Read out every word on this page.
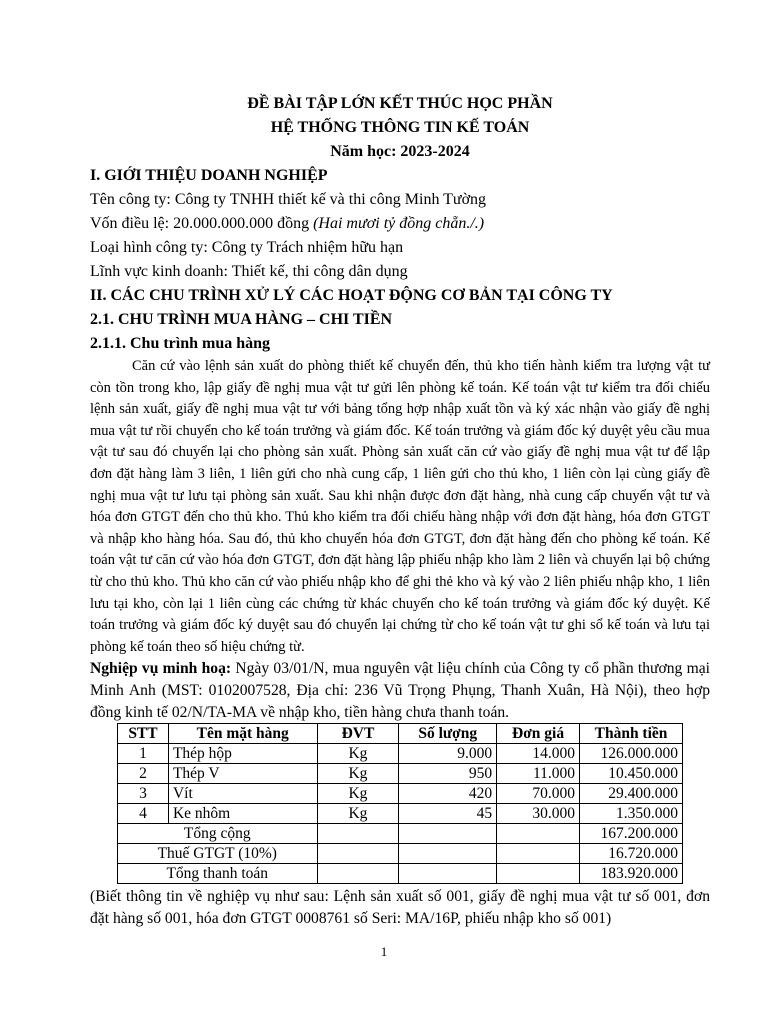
ĐỀ BÀI TẬP LỚN KẾT THÚC HỌC PHẦN
HỆ THỐNG THÔNG TIN KẾ TOÁN
Năm học: 2023-2024
I. GIỚI THIỆU DOANH NGHIỆP
Tên công ty: Công ty TNHH thiết kế và thi công Minh Tường
Vốn điều lệ: 20.000.000.000 đồng (Hai mươi tỷ đồng chẵn./.)
Loại hình công ty: Công ty Trách nhiệm hữu hạn
Lĩnh vực kinh doanh: Thiết kế, thi công dân dụng
II. CÁC CHU TRÌNH XỬ LÝ CÁC HOẠT ĐỘNG CƠ BẢN TẠI CÔNG TY
2.1. CHU TRÌNH MUA HÀNG – CHI TIỀN
2.1.1. Chu trình mua hàng

Căn cứ vào lệnh sản xuất do phòng thiết kế chuyển đến, thủ kho tiến hành kiểm tra lượng vật tư còn tồn trong kho, lập giấy đề nghị mua vật tư gửi lên phòng kế toán. Kế toán vật tư kiểm tra đối chiếu lệnh sản xuất, giấy đề nghị mua vật tư với bảng tổng hợp nhập xuất tồn và ký xác nhận vào giấy đề nghị mua vật tư rồi chuyển cho kế toán trưởng và giám đốc. Kế toán trưởng và giám đốc ký duyệt yêu cầu mua vật tư sau đó chuyển lại cho phòng sản xuất. Phòng sản xuất căn cứ vào giấy đề nghị mua vật tư để lập đơn đặt hàng làm 3 liên, 1 liên gửi cho nhà cung cấp, 1 liên gửi cho thủ kho, 1 liên còn lại cùng giấy đề nghị mua vật tư lưu tại phòng sản xuất. Sau khi nhận được đơn đặt hàng, nhà cung cấp chuyển vật tư và hóa đơn GTGT đến cho thủ kho. Thủ kho kiểm tra đối chiếu hàng nhập với đơn đặt hàng, hóa đơn GTGT và nhập kho hàng hóa. Sau đó, thủ kho chuyển hóa đơn GTGT, đơn đặt hàng đến cho phòng kế toán. Kế toán vật tư căn cứ vào hóa đơn GTGT, đơn đặt hàng lập phiếu nhập kho làm 2 liên và chuyển lại bộ chứng từ cho thủ kho. Thủ kho căn cứ vào phiếu nhập kho để ghi thẻ kho và ký vào 2 liên phiếu nhập kho, 1 liên lưu tại kho, còn lại 1 liên cùng các chứng từ khác chuyển cho kế toán trưởng và giám đốc ký duyệt. Kế toán trưởng và giám đốc ký duyệt sau đó chuyển lại chứng từ cho kế toán vật tư ghi sổ kế toán và lưu tại phòng kế toán theo số hiệu chứng từ.

Nghiệp vụ minh hoạ: Ngày 03/01/N, mua nguyên vật liệu chính của Công ty cổ phần thương mại Minh Anh (MST: 0102007528, Địa chỉ: 236 Vũ Trọng Phụng, Thanh Xuân, Hà Nội), theo hợp đồng kinh tế 02/N/TA-MA về nhập kho, tiền hàng chưa thanh toán.

STT	Tên mặt hàng	ĐVT	Số lượng	Đơn giá	Thành tiền
1	Thép hộp	Kg	9.000	14.000	126.000.000
2	Thép V	Kg	950	11.000	10.450.000
3	Vít	Kg	420	70.000	29.400.000
4	Ke nhôm	Kg	45	30.000	1.350.000
Tổng cộng					167.200.000
Thuế GTGT (10%)					16.720.000
Tổng thanh toán					183.920.000

(Biết thông tin về nghiệp vụ như sau: Lệnh sản xuất số 001, giấy đề nghị mua vật tư số 001, đơn đặt hàng số 001, hóa đơn GTGT 0008761 số Seri: MA/16P, phiếu nhập kho số 001)

1
